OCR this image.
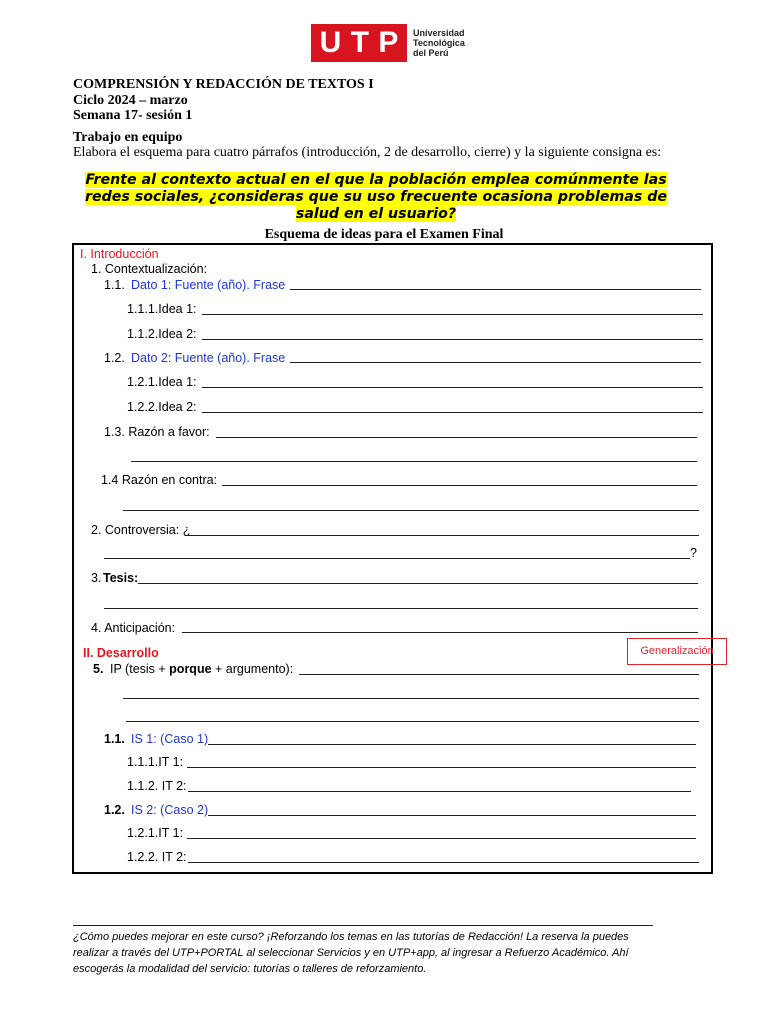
U T P Universidad
Tecnológica
del Perú
COMPRENSIÓN Y REDACCIÓN DE TEXTOS I
Ciclo 2024 – marzo
Semana 17- sesión 1
Trabajo en equipo
Elabora el esquema para cuatro párrafos (introducción, 2 de desarrollo, cierre) y la siguiente consigna es:
Frente al contexto actual en el que la población emplea comúnmente las
redes sociales, ¿consideras que su uso frecuente ocasiona problemas de
salud en el usuario?
Esquema de ideas para el Examen Final
I. Introducción
1. Contextualización:
1.1. Dato 1: Fuente (año). Frase
1.1.1.Idea 1:
1.1.2.Idea 2:
1.2. Dato 2: Fuente (año). Frase
1.2.1.Idea 1:
1.2.2.Idea 2:
1.3. Razón a favor:
1.4 Razón en contra:
2. Controversia: ¿
?
3. Tesis:
4. Anticipación:
II. Desarrollo	Generalización
5. IP (tesis + porque + argumento):
1.1. IS 1: (Caso 1)
1.1.1.IT 1:
1.1.2. IT 2:
1.2. IS 2: (Caso 2)
1.2.1.IT 1:
1.2.2. IT 2:
¿Cómo puedes mejorar en este curso? ¡Reforzando los temas en las tutorías de Redacción! La reserva la puedes
realizar a través del UTP+PORTAL al seleccionar Servicios y en UTP+app, al ingresar a Refuerzo Académico. Ahí
escogerás la modalidad del servicio: tutorías o talleres de reforzamiento.
